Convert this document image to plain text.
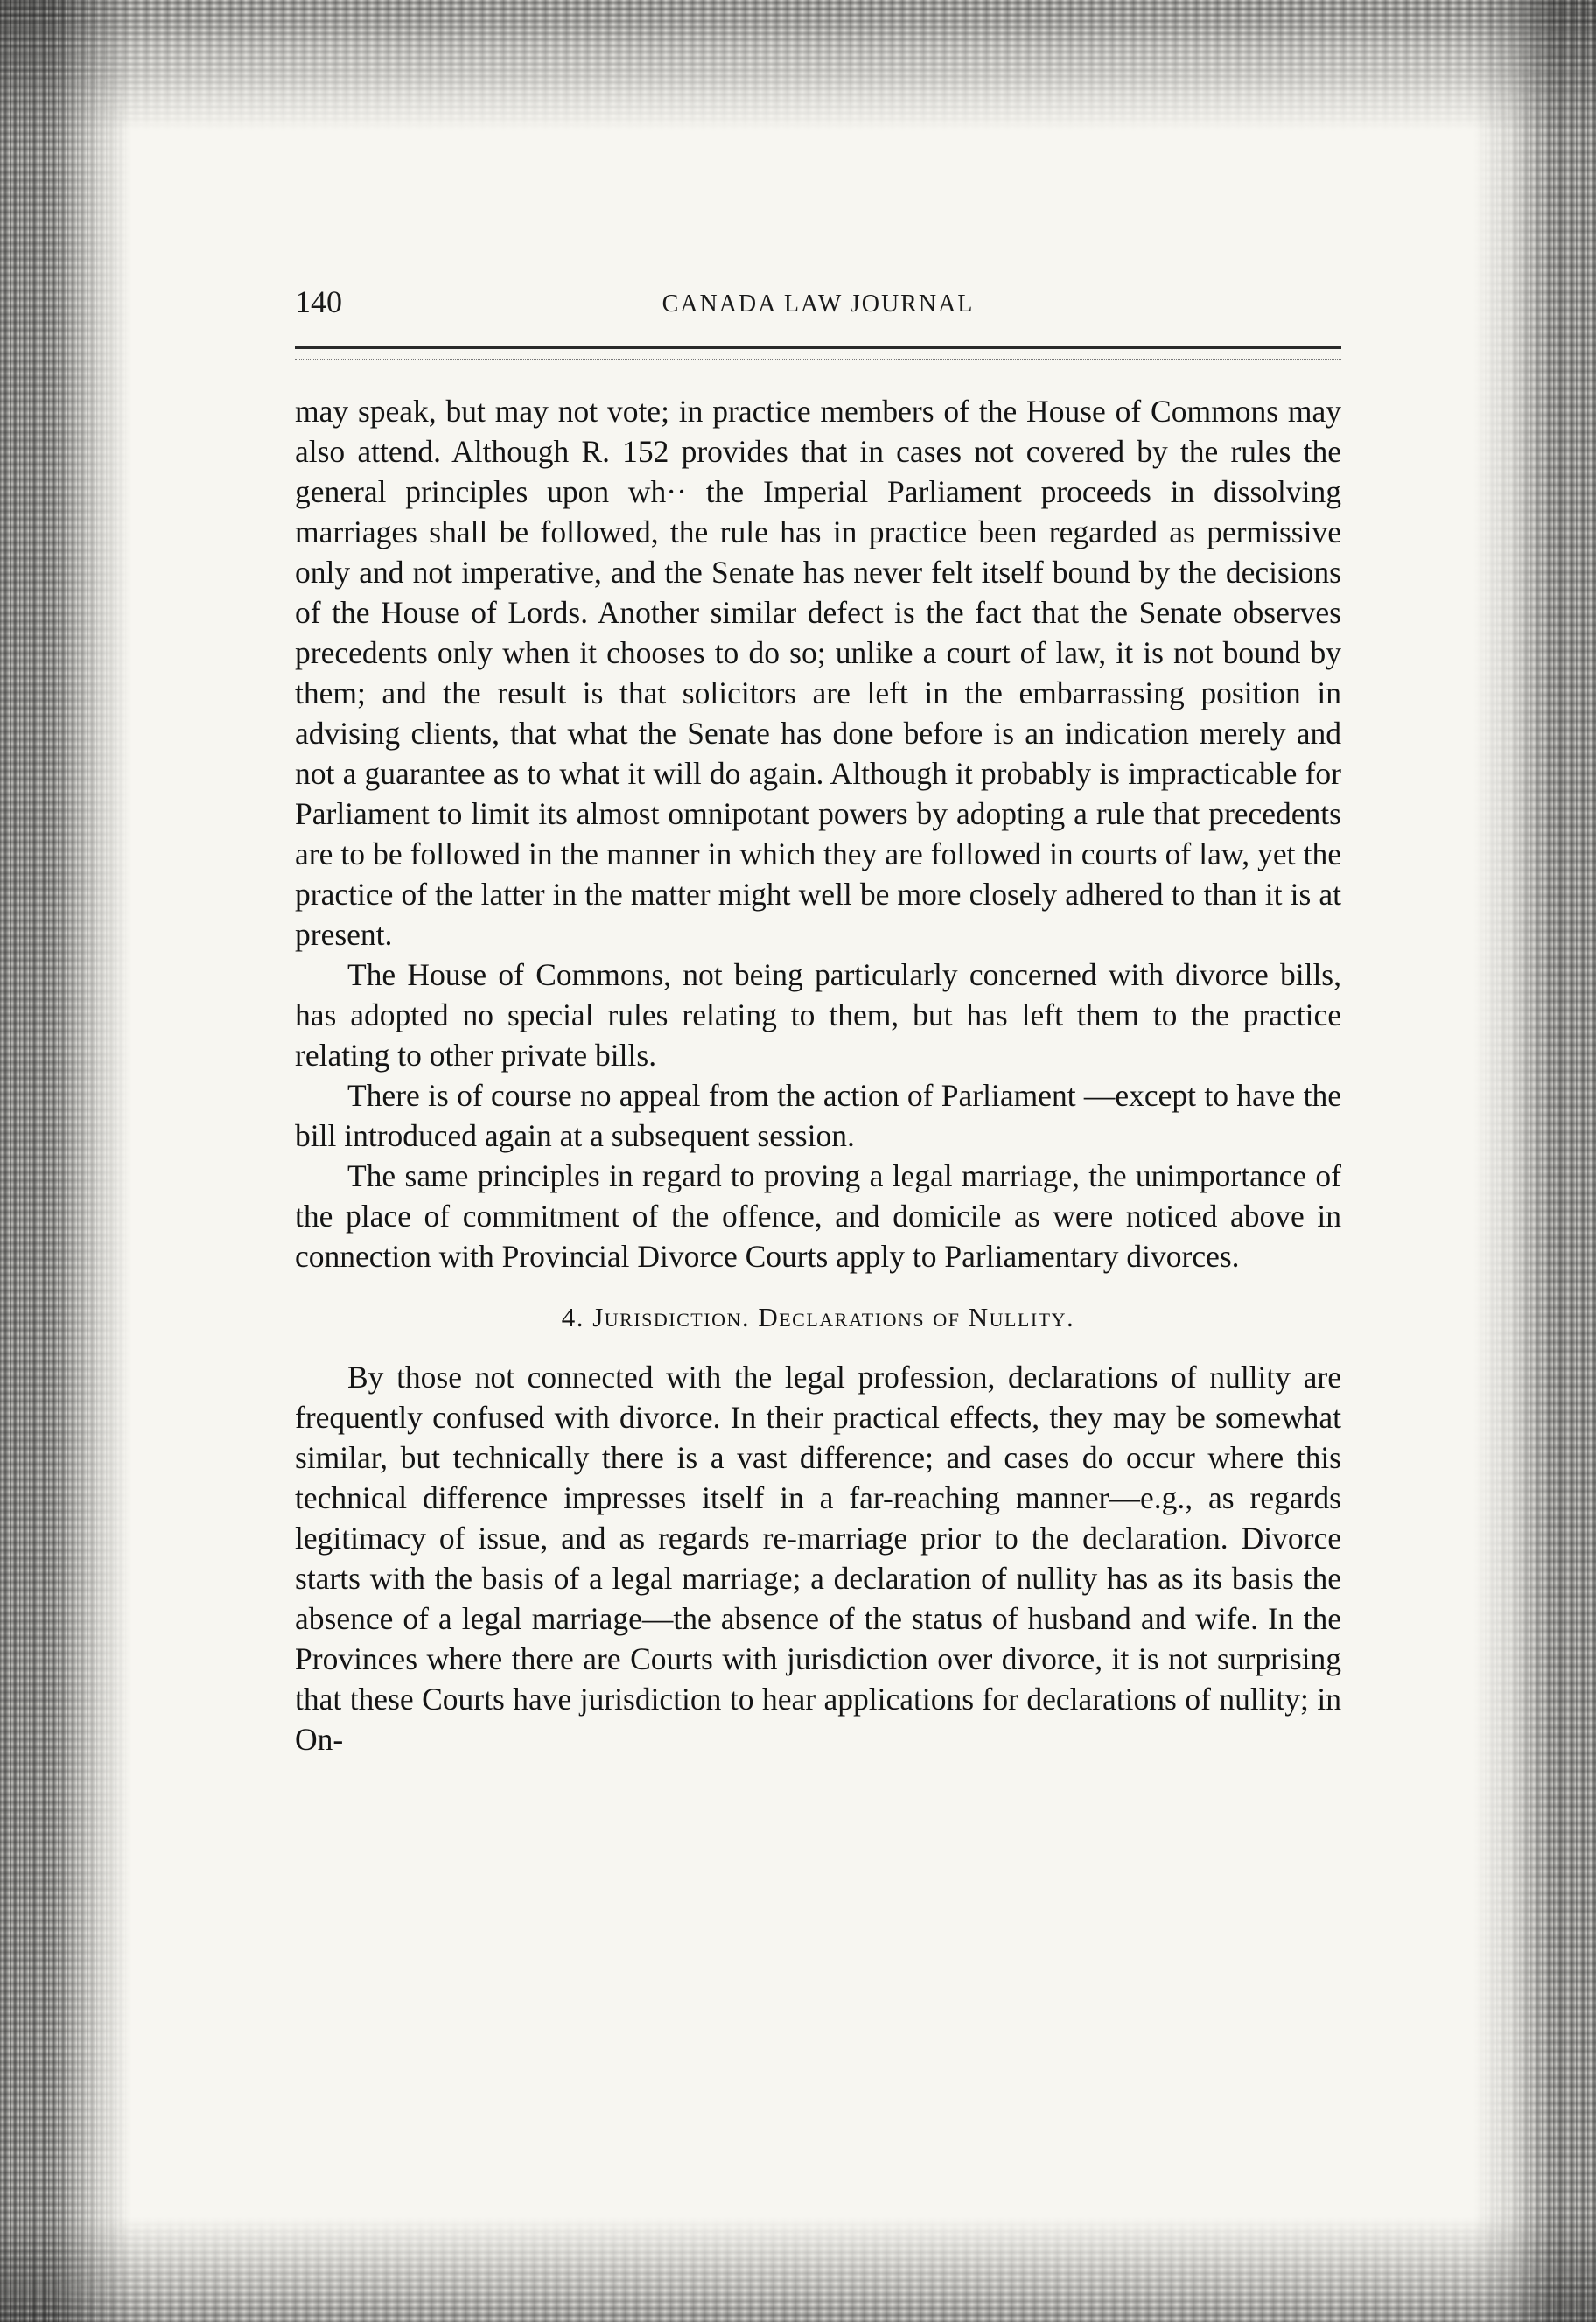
140	CANADA LAW JOURNAL

may speak, but may not vote; in practice members of the House of Commons may also attend. Although R. 152 provides that in cases not covered by the rules the general principles upon wh·· the Imperial Parliament proceeds in dissolving marriages shall be followed, the rule has in practice been regarded as permissive only and not imperative, and the Senate has never felt itself bound by the decisions of the House of Lords. Another similar defect is the fact that the Senate observes precedents only when it chooses to do so; unlike a court of law, it is not bound by them; and the result is that solicitors are left in the embarrassing position in advising clients, that what the Senate has done before is an indication merely and not a guarantee as to what it will do again. Although it probably is impracticable for Parliament to limit its almost omnipotant powers by adopting a rule that precedents are to be followed in the manner in which they are followed in courts of law, yet the practice of the latter in the matter might well be more closely adhered to than it is at present.

The House of Commons, not being particularly concerned with divorce bills, has adopted no special rules relating to them, but has left them to the practice relating to other private bills.

There is of course no appeal from the action of Parliament —except to have the bill introduced again at a subsequent session.

The same principles in regard to proving a legal marriage, the unimportance of the place of commitment of the offence, and domicile as were noticed above in connection with Provincial Divorce Courts apply to Parliamentary divorces.

4. Jurisdiction. Declarations of Nullity.

By those not connected with the legal profession, declarations of nullity are frequently confused with divorce. In their practical effects, they may be somewhat similar, but technically there is a vast difference; and cases do occur where this technical difference impresses itself in a far-reaching manner—e.g., as regards legitimacy of issue, and as regards re-marriage prior to the declaration. Divorce starts with the basis of a legal marriage; a declaration of nullity has as its basis the absence of a legal marriage—the absence of the status of husband and wife. In the Provinces where there are Courts with jurisdiction over divorce, it is not surprising that these Courts have jurisdiction to hear applications for declarations of nullity; in On-
